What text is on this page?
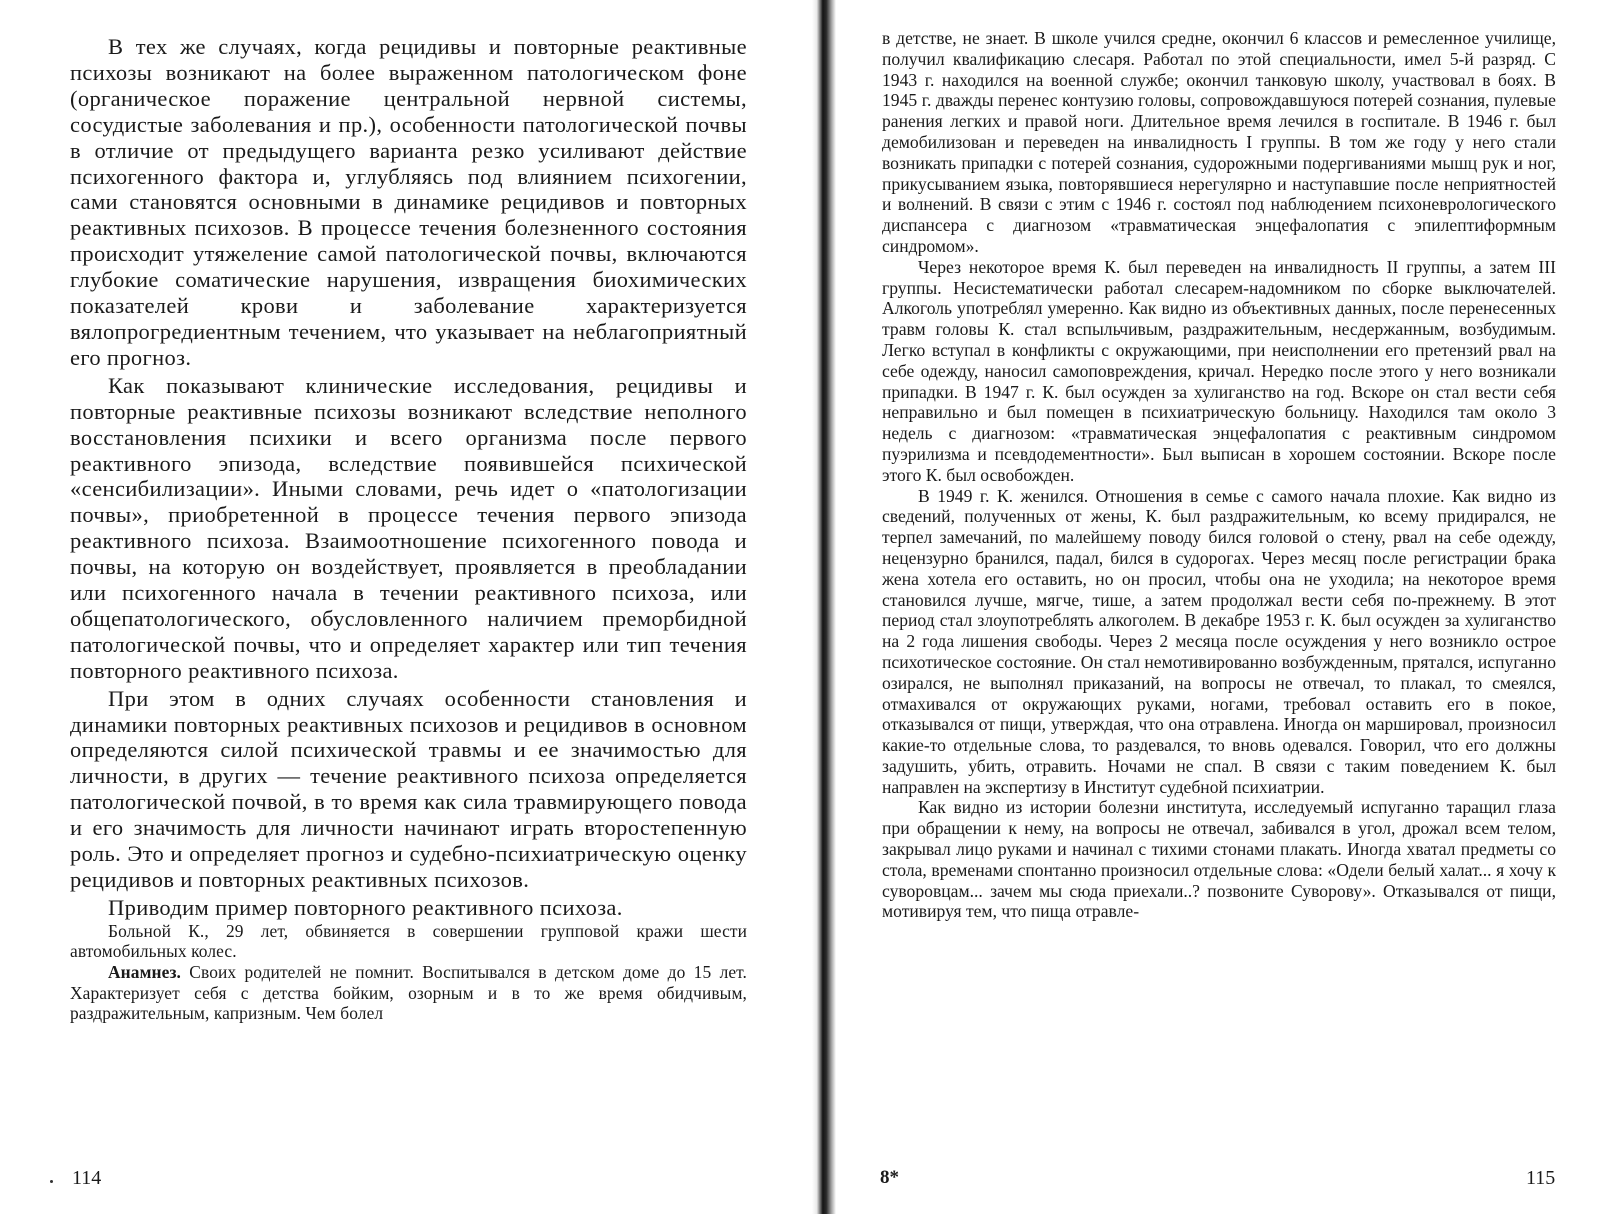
В тех же случаях, когда рецидивы и повторные реактивные психозы возникают на более выраженном патологическом фоне (органическое поражение центральной нервной системы, сосудистые заболевания и пр.), особенности патологической почвы в отличие от предыдущего варианта резко усиливают действие психогенного фактора и, углубляясь под влиянием психогении, сами становятся основными в динамике рецидивов и повторных реактивных психозов. В процессе течения болезненного состояния происходит утяжеление самой патологической почвы, включаются глубокие соматические нарушения, извращения биохимических показателей крови и заболевание характеризуется вялопрогредиентным течением, что указывает на неблагоприятный его прогноз.

Как показывают клинические исследования, рецидивы и повторные реактивные психозы возникают вследствие неполного восстановления психики и всего организма после первого реактивного эпизода, вследствие появившейся психической «сенсибилизации». Иными словами, речь идет о «патологизации почвы», приобретенной в процессе течения первого эпизода реактивного психоза. Взаимоотношение психогенного повода и почвы, на которую он воздействует, проявляется в преобладании или психогенного начала в течении реактивного психоза, или общепатологического, обусловленного наличием преморбидной патологической почвы, что и определяет характер или тип течения повторного реактивного психоза.

При этом в одних случаях особенности становления и динамики повторных реактивных психозов и рецидивов в основном определяются силой психической травмы и ее значимостью для личности, в других — течение реактивного психоза определяется патологической почвой, в то время как сила травмирующего повода и его значимость для личности начинают играть второстепенную роль. Это и определяет прогноз и судебно-психиатрическую оценку рецидивов и повторных реактивных психозов.

Приводим пример повторного реактивного психоза.

Больной К., 29 лет, обвиняется в совершении групповой кражи шести автомобильных колес.

Анамнез. Своих родителей не помнит. Воспитывался в детском доме до 15 лет. Характеризует себя с детства бойким, озорным и в то же время обидчивым, раздражительным, капризным. Чем болел

114

в детстве, не знает. В школе учился средне, окончил 6 классов и ремесленное училище, получил квалификацию слесаря. Работал по этой специальности, имел 5-й разряд. С 1943 г. находился на военной службе; окончил танковую школу, участвовал в боях. В 1945 г. дважды перенес контузию головы, сопровождавшуюся потерей сознания, пулевые ранения легких и правой ноги. Длительное время лечился в госпитале. В 1946 г. был демобилизован и переведен на инвалидность I группы. В том же году у него стали возникать припадки с потерей сознания, судорожными подергиваниями мышц рук и ног, прикусыванием языка, повторявшиеся нерегулярно и наступавшие после неприятностей и волнений. В связи с этим с 1946 г. состоял под наблюдением психоневрологического диспансера с диагнозом «травматическая энцефалопатия с эпилептиформным синдромом».

Через некоторое время К. был переведен на инвалидность II группы, а затем III группы. Несистематически работал слесарем-надомником по сборке выключателей. Алкоголь употреблял умеренно. Как видно из объективных данных, после перенесенных травм головы К. стал вспыльчивым, раздражительным, несдержанным, возбудимым. Легко вступал в конфликты с окружающими, при неисполнении его претензий рвал на себе одежду, наносил самоповреждения, кричал. Нередко после этого у него возникали припадки. В 1947 г. К. был осужден за хулиганство на год. Вскоре он стал вести себя неправильно и был помещен в психиатрическую больницу. Находился там около 3 недель с диагнозом: «травматическая энцефалопатия с реактивным синдромом пуэрилизма и псевдодементности». Был выписан в хорошем состоянии. Вскоре после этого К. был освобожден.

В 1949 г. К. женился. Отношения в семье с самого начала плохие. Как видно из сведений, полученных от жены, К. был раздражительным, ко всему придирался, не терпел замечаний, по малейшему поводу бился головой о стену, рвал на себе одежду, нецензурно бранился, падал, бился в судорогах. Через месяц после регистрации брака жена хотела его оставить, но он просил, чтобы она не уходила; на некоторое время становился лучше, мягче, тише, а затем продолжал вести себя по-прежнему. В этот период стал злоупотреблять алкоголем. В декабре 1953 г. К. был осужден за хулиганство на 2 года лишения свободы. Через 2 месяца после осуждения у него возникло острое психотическое состояние. Он стал немотивированно возбужденным, прятался, испуганно озирался, не выполнял приказаний, на вопросы не отвечал, то плакал, то смеялся, отмахивался от окружающих руками, ногами, требовал оставить его в покое, отказывался от пищи, утверждая, что она отравлена. Иногда он маршировал, произносил какие-то отдельные слова, то раздевался, то вновь одевался. Говорил, что его должны задушить, убить, отравить. Ночами не спал. В связи с таким поведением К. был направлен на экспертизу в Институт судебной психиатрии.

Как видно из истории болезни института, исследуемый испуганно таращил глаза при обращении к нему, на вопросы не отвечал, забивался в угол, дрожал всем телом, закрывал лицо руками и начинал с тихими стонами плакать. Иногда хватал предметы со стола, временами спонтанно произносил отдельные слова: «Одели белый халат... я хочу к суворовцам... зачем мы сюда приехали..? позвоните Суворову». Отказывался от пищи, мотивируя тем, что пища отравле-

8*	115
